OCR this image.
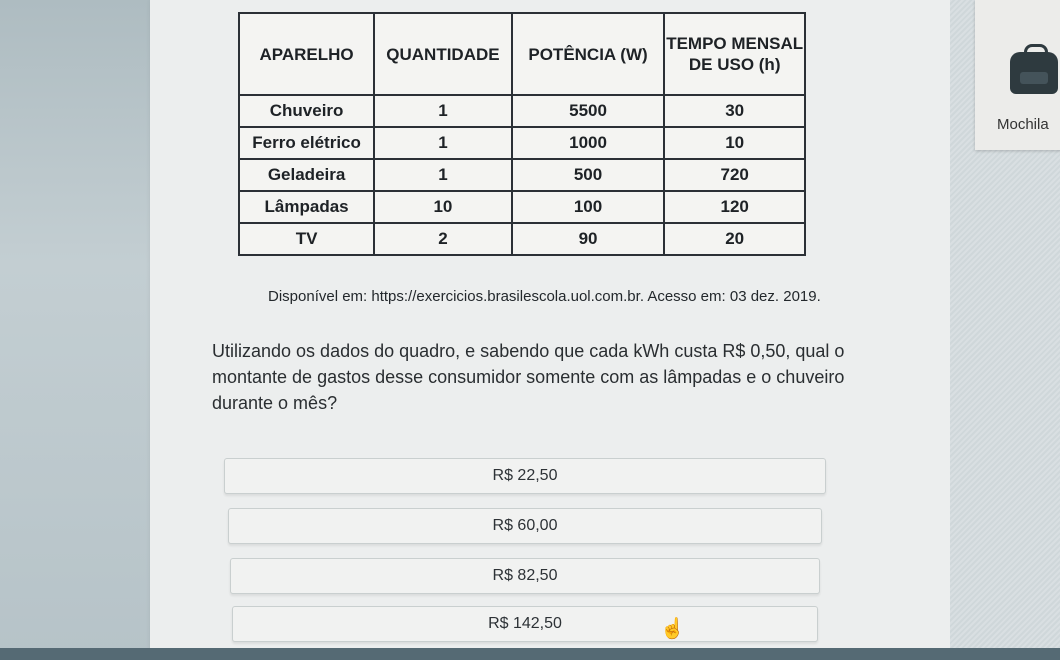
Mochila
APARELHO	QUANTIDADE	POTÊNCIA (W)	TEMPO MENSAL DE USO (h)
Chuveiro	1	5500	30
Ferro elétrico	1	1000	10
Geladeira	1	500	720
Lâmpadas	10	100	120
TV	2	90	20
Disponível em: https://exercicios.brasilescola.uol.com.br. Acesso em: 03 dez. 2019.
Utilizando os dados do quadro, e sabendo que cada kWh custa R$ 0,50, qual o montante de gastos desse consumidor somente com as lâmpadas e o chuveiro durante o mês?
R$ 22,50
R$ 60,00
R$ 82,50
R$ 142,50	☝
